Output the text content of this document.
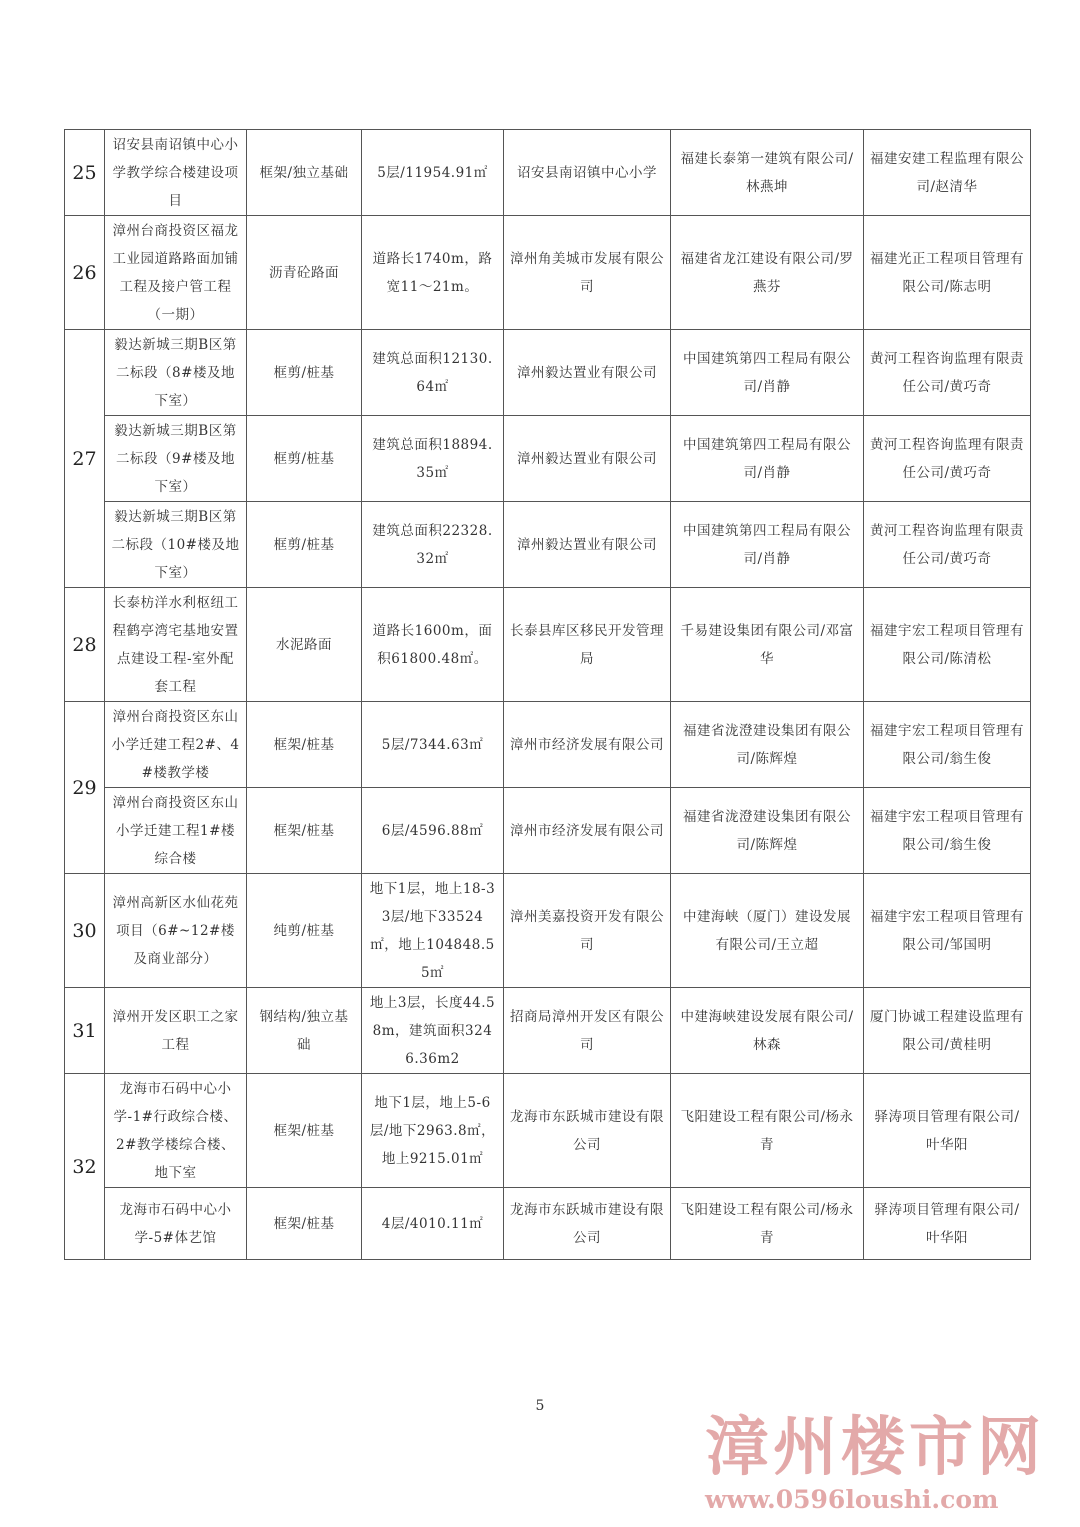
25	诏安县南诏镇中心小学教学综合楼建设项目	框架/独立基础	5层/11954.91㎡	诏安县南诏镇中心小学	福建长泰第一建筑有限公司/林燕坤	福建安建工程监理有限公司/赵清华
26	漳州台商投资区福龙工业园道路路面加铺工程及接户管工程（一期）	沥青砼路面	道路长1740m，路宽11～21m。	漳州角美城市发展有限公司	福建省龙江建设有限公司/罗燕芬	福建光正工程项目管理有限公司/陈志明
27	毅达新城三期B区第二标段（8#楼及地下室）	框剪/桩基	建筑总面积12130.64㎡	漳州毅达置业有限公司	中国建筑第四工程局有限公司/肖静	黄河工程咨询监理有限责任公司/黄巧奇
	毅达新城三期B区第二标段（9#楼及地下室）	框剪/桩基	建筑总面积18894.35㎡	漳州毅达置业有限公司	中国建筑第四工程局有限公司/肖静	黄河工程咨询监理有限责任公司/黄巧奇
	毅达新城三期B区第二标段（10#楼及地下室）	框剪/桩基	建筑总面积22328.32㎡	漳州毅达置业有限公司	中国建筑第四工程局有限公司/肖静	黄河工程咨询监理有限责任公司/黄巧奇
28	长泰枋洋水利枢纽工程鹤亭湾宅基地安置点建设工程-室外配套工程	水泥路面	道路长1600m，面积61800.48㎡。	长泰县库区移民开发管理局	千易建设集团有限公司/邓富华	福建宇宏工程项目管理有限公司/陈清松
29	漳州台商投资区东山小学迁建工程2#、4#楼教学楼	框架/桩基	5层/7344.63㎡	漳州市经济发展有限公司	福建省泷澄建设集团有限公司/陈辉煌	福建宇宏工程项目管理有限公司/翁生俊
	漳州台商投资区东山小学迁建工程1#楼综合楼	框架/桩基	6层/4596.88㎡	漳州市经济发展有限公司	福建省泷澄建设集团有限公司/陈辉煌	福建宇宏工程项目管理有限公司/翁生俊
30	漳州高新区水仙花苑项目（6#~12#楼及商业部分）	纯剪/桩基	地下1层，地上18-33层/地下33524㎡，地上104848.55㎡	漳州美嘉投资开发有限公司	中建海峡（厦门）建设发展有限公司/王立超	福建宇宏工程项目管理有限公司/邹国明
31	漳州开发区职工之家工程	钢结构/独立基础	地上3层，长度44.58m，建筑面积3246.36m2	招商局漳州开发区有限公司	中建海峡建设发展有限公司/林森	厦门协诚工程建设监理有限公司/黄桂明
32	龙海市石码中心小学-1#行政综合楼、2#教学楼综合楼、地下室	框架/桩基	地下1层，地上5-6层/地下2963.8㎡，地上9215.01㎡	龙海市东跃城市建设有限公司	飞阳建设工程有限公司/杨永青	驿涛项目管理有限公司/叶华阳
	龙海市石码中心小学-5#体艺馆	框架/桩基	4层/4010.11㎡	龙海市东跃城市建设有限公司	飞阳建设工程有限公司/杨永青	驿涛项目管理有限公司/叶华阳
5
漳州楼市网
www.0596loushi.com
